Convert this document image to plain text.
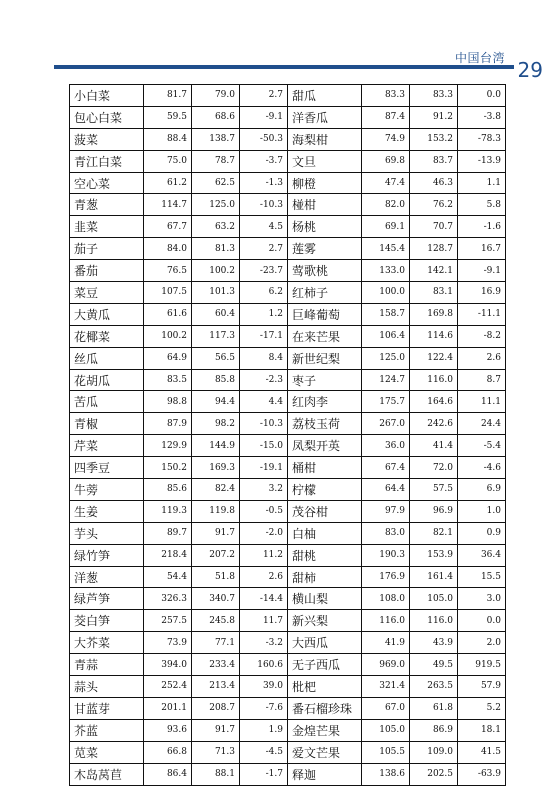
中国台湾 29
小白菜	81.7	79.0	2.7	甜瓜	83.3	83.3	0.0
包心白菜	59.5	68.6	-9.1	洋香瓜	87.4	91.2	-3.8
菠菜	88.4	138.7	-50.3	海梨柑	74.9	153.2	-78.3
青江白菜	75.0	78.7	-3.7	文旦	69.8	83.7	-13.9
空心菜	61.2	62.5	-1.3	柳橙	47.4	46.3	1.1
青葱	114.7	125.0	-10.3	椪柑	82.0	76.2	5.8
韭菜	67.7	63.2	4.5	杨桃	69.1	70.7	-1.6
茄子	84.0	81.3	2.7	莲雾	145.4	128.7	16.7
番茄	76.5	100.2	-23.7	莺歌桃	133.0	142.1	-9.1
菜豆	107.5	101.3	6.2	红柿子	100.0	83.1	16.9
大黄瓜	61.6	60.4	1.2	巨峰葡萄	158.7	169.8	-11.1
花椰菜	100.2	117.3	-17.1	在来芒果	106.4	114.6	-8.2
丝瓜	64.9	56.5	8.4	新世纪梨	125.0	122.4	2.6
花胡瓜	83.5	85.8	-2.3	枣子	124.7	116.0	8.7
苦瓜	98.8	94.4	4.4	红肉李	175.7	164.6	11.1
青椒	87.9	98.2	-10.3	荔枝玉荷	267.0	242.6	24.4
芹菜	129.9	144.9	-15.0	凤梨开英	36.0	41.4	-5.4
四季豆	150.2	169.3	-19.1	桶柑	67.4	72.0	-4.6
牛蒡	85.6	82.4	3.2	柠檬	64.4	57.5	6.9
生姜	119.3	119.8	-0.5	茂谷柑	97.9	96.9	1.0
芋头	89.7	91.7	-2.0	白柚	83.0	82.1	0.9
绿竹笋	218.4	207.2	11.2	甜桃	190.3	153.9	36.4
洋葱	54.4	51.8	2.6	甜柿	176.9	161.4	15.5
绿芦笋	326.3	340.7	-14.4	横山梨	108.0	105.0	3.0
茭白笋	257.5	245.8	11.7	新兴梨	116.0	116.0	0.0
大芥菜	73.9	77.1	-3.2	大西瓜	41.9	43.9	2.0
青蒜	394.0	233.4	160.6	无子西瓜	969.0	49.5	919.5
蒜头	252.4	213.4	39.0	枇杷	321.4	263.5	57.9
甘蓝芽	201.1	208.7	-7.6	番石榴珍珠	67.0	61.8	5.2
芥蓝	93.6	91.7	1.9	金煌芒果	105.0	86.9	18.1
苋菜	66.8	71.3	-4.5	爱文芒果	105.5	109.0	41.5
木岛莴苣	86.4	88.1	-1.7	释迦	138.6	202.5	-63.9
